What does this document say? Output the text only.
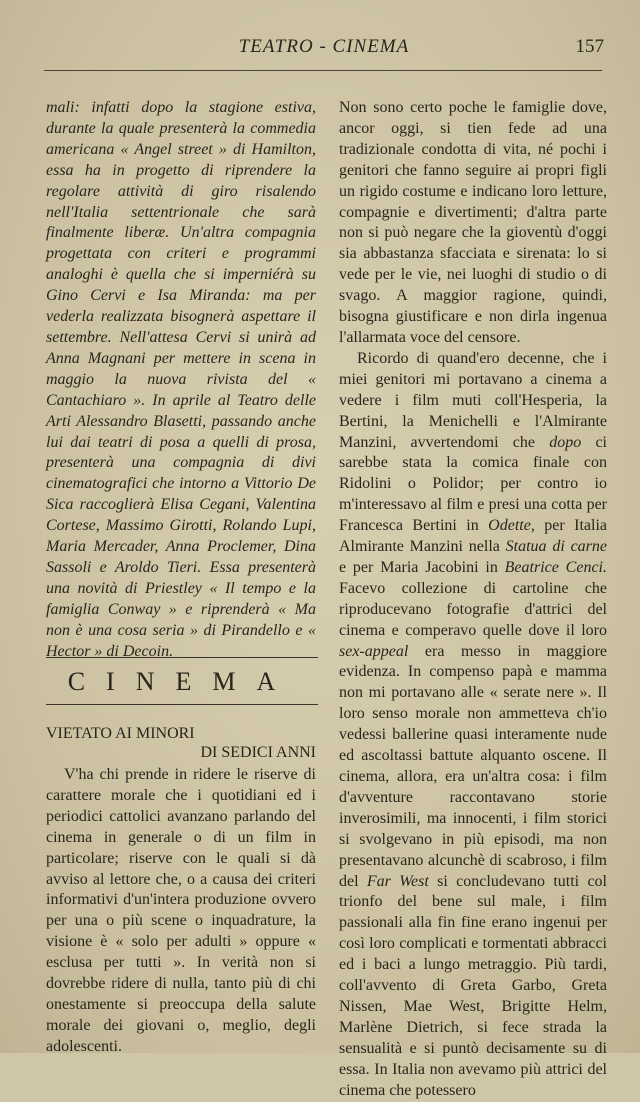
TEATRO - CINEMA	157

mali: infatti dopo la stagione estiva, durante la quale presenterà la commedia americana « Angel street » di Hamilton, essa ha in progetto di riprendere la regolare attività di giro risalendo nell'Italia settentrionale che sarà finalmente liberæ. Un'altra compagnia progettata con criteri e programmi analoghi è quella che si imperniérà su Gino Cervi e Isa Miranda: ma per vederla realizzata bisognerà aspettare il settembre. Nell'attesa Cervi si unirà ad Anna Magnani per mettere in scena in maggio la nuova rivista del « Cantachiaro ». In aprile al Teatro delle Arti Alessandro Blasetti, passando anche lui dai teatri di posa a quelli di prosa, presenterà una compagnia di divi cinematografici che intorno a Vittorio De Sica raccoglierà Elisa Cegani, Valentina Cortese, Massimo Girotti, Rolando Lupi, Maria Mercader, Anna Proclemer, Dina Sassoli e Aroldo Tieri. Essa presenterà una novità di Priestley « Il tempo e la famiglia Conway » e riprenderà « Ma non è una cosa seria » di Pirandello e « Hector » di Decoin.

CINEMA
VIETATO AI MINORI
DI SEDICI ANNI

V'ha chi prende in ridere le riserve di carattere morale che i quotidiani ed i periodici cattolici avanzano parlando del cinema in generale o di un film in particolare; riserve con le quali si dà avviso al lettore che, o a causa dei criteri informativi d'un'intera produzione ovvero per una o più scene o inquadrature, la visione è « solo per adulti » oppure « esclusa per tutti ». In verità non si dovrebbe ridere di nulla, tanto più di chi onestamente si preoccupa della salute morale dei giovani o, meglio, degli adolescenti.

Non sono certo poche le famiglie dove, ancor oggi, si tien fede ad una tradizionale condotta di vita, né pochi i genitori che fanno seguire ai propri figli un rigido costume e indicano loro letture, compagnie e divertimenti; d'altra parte non si può negare che la gioventù d'oggi sia abbastanza sfacciata e sirenata: lo si vede per le vie, nei luoghi di studio o di svago. A maggior ragione, quindi, bisogna giustificare e non dirla ingenua l'allarmata voce del censore.

Ricordo di quand'ero decenne, che i miei genitori mi portavano a cinema a vedere i film muti coll'Hesperia, la Bertini, la Menichelli e l'Almirante Manzini, avvertendomi che dopo ci sarebbe stata la comica finale con Ridolini o Polidor; per contro io m'interessavo al film e presi una cotta per Francesca Bertini in Odette, per Italia Almirante Manzini nella Statua di carne e per Maria Jacobini in Beatrice Cenci. Facevo collezione di cartoline che riproducevano fotografie d'attrici del cinema e comperavo quelle dove il loro sex-appeal era messo in maggiore evidenza. In compenso papà e mamma non mi portavano alle « serate nere ». Il loro senso morale non ammetteva ch'io vedessi ballerine quasi interamente nude ed ascoltassi battute alquanto oscene. Il cinema, allora, era un'altra cosa: i film d'avventure raccontavano storie inverosimili, ma innocenti, i film storici si svolgevano in più episodi, ma non presentavano alcunchè di scabroso, i film del Far West si concludevano tutti col trionfo del bene sul male, i film passionali alla fin fine erano ingenui per così loro complicati e tormentati abbracci ed i baci a lungo metraggio. Più tardi, coll'avvento di Greta Garbo, Greta Nissen, Mae West, Brigitte Helm, Marlène Dietrich, si fece strada la sensualità e si puntò decisamente su di essa. In Italia non avevamo più attrici del cinema che potessero
